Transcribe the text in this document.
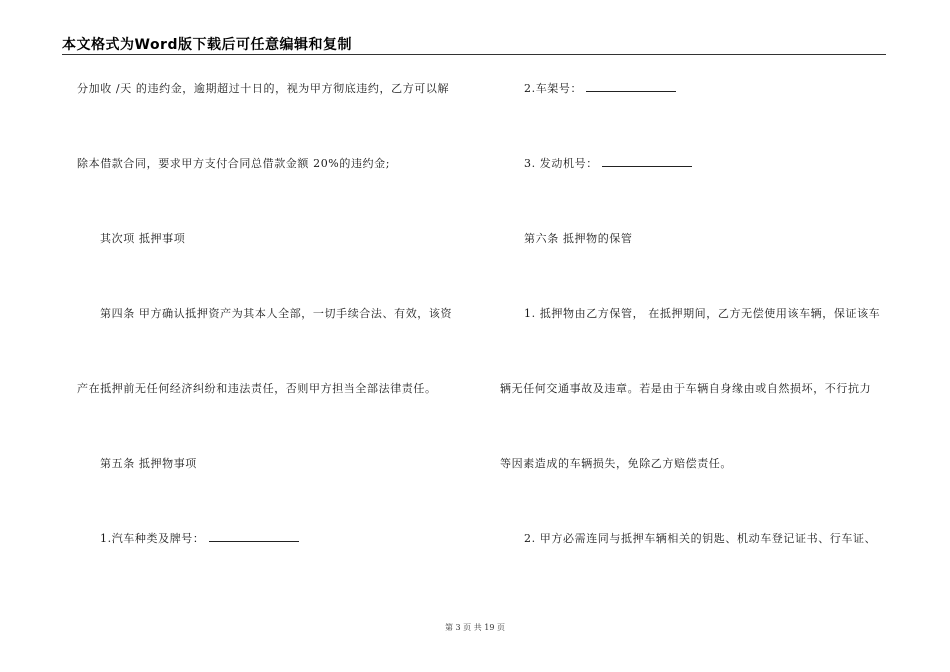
本文格式为Word版下载后可任意编辑和复制
分加收 /天 的违约金，逾期超过十日的，视为甲方彻底违约，乙方可以解
除本借款合同，要求甲方支付合同总借款金额 20%的违约金;
其次项 抵押事项
第四条 甲方确认抵押资产为其本人全部，一切手续合法、有效，该资
产在抵押前无任何经济纠纷和违法责任，否则甲方担当全部法律责任。
第五条 抵押物事项
1.汽车种类及牌号：
2.车架号：
3. 发动机号：
第六条 抵押物的保管
1. 抵押物由乙方保管， 在抵押期间，乙方无偿使用该车辆，保证该车
辆无任何交通事故及违章。若是由于车辆自身缘由或自然损坏，不行抗力
等因素造成的车辆损失，免除乙方赔偿责任。
2. 甲方必需连同与抵押车辆相关的钥匙、机动车登记证书、行车证、
第 3 页 共 19 页
